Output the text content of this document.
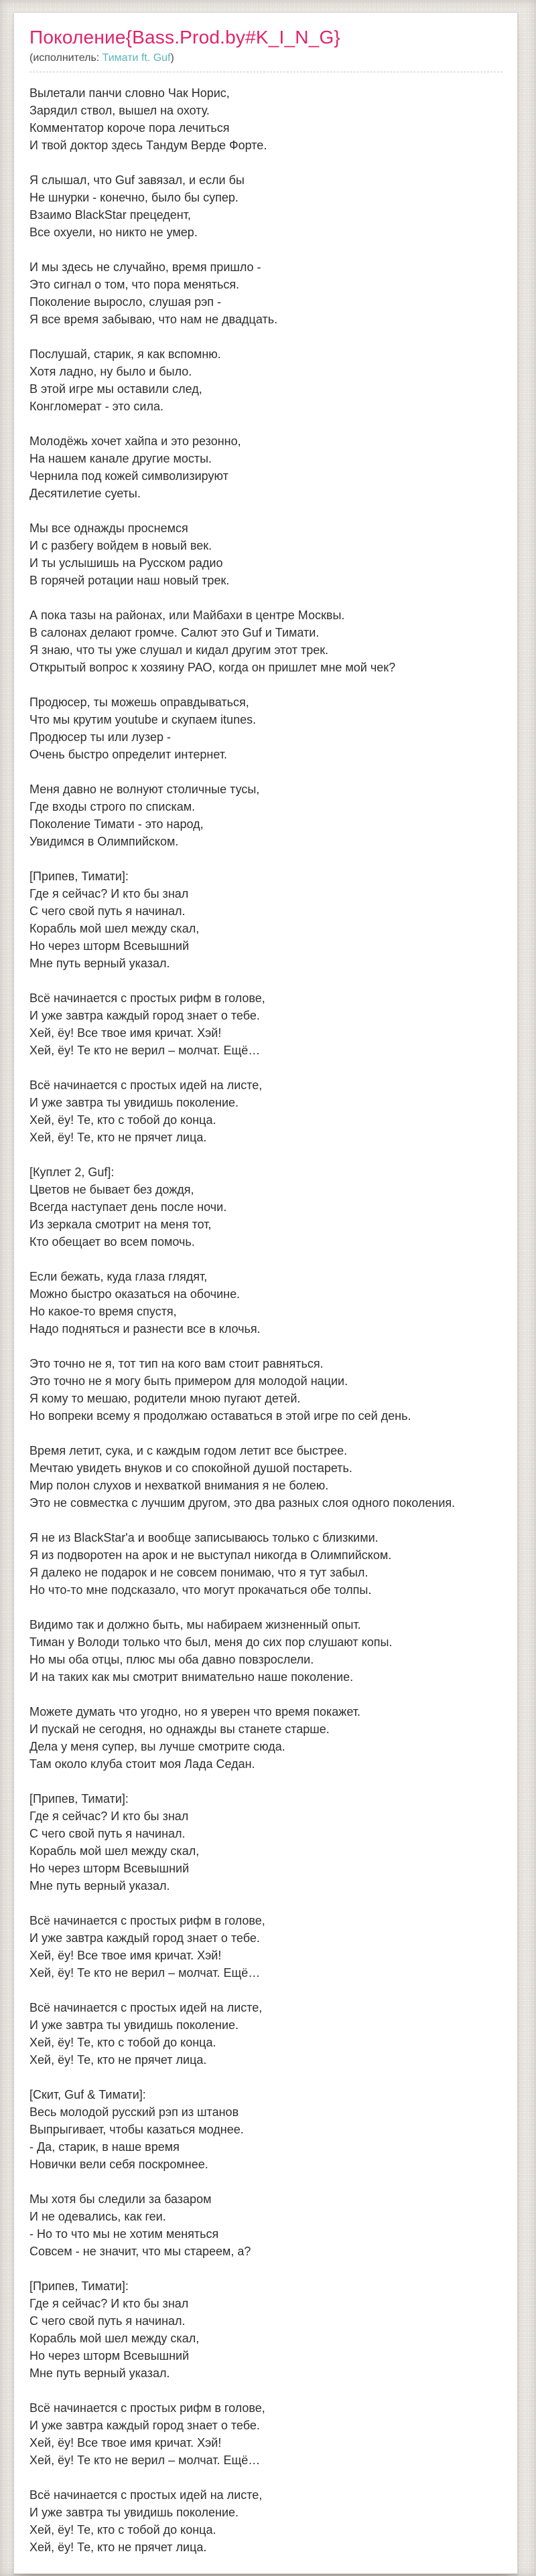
Поколение{Bass.Prod.by#K_I_N_G}
(исполнитель: Тимати ft. Guf)
Вылетали панчи словно Чак Норис,
Зарядил ствол, вышел на охоту.
Комментатор короче пора лечиться
И твой доктор здесь Тандум Верде Форте.
Я слышал, что Guf завязал, и если бы
Не шнурки - конечно, было бы супер.
Взаимо BlackStar прецедент,
Все охуели, но никто не умер.
И мы здесь не случайно, время пришло -
Это сигнал о том, что пора меняться.
Поколение выросло, слушая рэп -
Я все время забываю, что нам не двадцать.
Послушай, старик, я как вспомню.
Хотя ладно, ну было и было.
В этой игре мы оставили след,
Конгломерат - это сила.
Молодёжь хочет хайпа и это резонно,
На нашем канале другие мосты.
Чернила под кожей символизируют
Десятилетие суеты.
Мы все однажды проснемся
И с разбегу войдем в новый век.
И ты услышишь на Русском радио
В горячей ротации наш новый трек.
А пока тазы на районах, или Майбахи в центре Москвы.
В салонах делают громче. Салют это Guf и Тимати.
Я знаю, что ты уже слушал и кидал другим этот трек.
Открытый вопрос к хозяину РАО, когда он пришлет мне мой чек?
Продюсер, ты можешь оправдываться,
Что мы крутим youtube и скупаем itunes.
Продюсер ты или лузер -
Очень быстро определит интернет.
Меня давно не волнуют столичные тусы,
Где входы строго по спискам.
Поколение Тимати - это народ,
Увидимся в Олимпийском.
[Припев, Тимати]:
Где я сейчас? И кто бы знал
С чего свой путь я начинал.
Корабль мой шел между скал,
Но через шторм Всевышний
Мне путь верный указал.
Всё начинается с простых рифм в голове,
И уже завтра каждый город знает о тебе.
Хей, ёу! Все твое имя кричат. Хэй!
Хей, ёу! Те кто не верил – молчат. Ещё…
Всё начинается с простых идей на листе,
И уже завтра ты увидишь поколение.
Хей, ёу! Те, кто с тобой до конца.
Хей, ёу! Те, кто не прячет лица.
[Куплет 2, Guf]:
Цветов не бывает без дождя,
Всегда наступает день после ночи.
Из зеркала смотрит на меня тот,
Кто обещает во всем помочь.
Если бежать, куда глаза глядят,
Можно быстро оказаться на обочине.
Но какое-то время спустя,
Надо подняться и разнести все в клочья.
Это точно не я, тот тип на кого вам стоит равняться.
Это точно не я могу быть примером для молодой нации.
Я кому то мешаю, родители мною пугают детей.
Но вопреки всему я продолжаю оставаться в этой игре по сей день.
Время летит, сука, и с каждым годом летит все быстрее.
Мечтаю увидеть внуков и со спокойной душой постареть.
Мир полон слухов и нехваткой внимания я не болею.
Это не совместка с лучшим другом, это два разных слоя одного поколения.
Я не из BlackStar'а и вообще записываюсь только с близкими.
Я из подворотен на арок и не выступал никогда в Олимпийском.
Я далеко не подарок и не совсем понимаю, что я тут забыл.
Но что-то мне подсказало, что могут прокачаться обе толпы.
Видимо так и должно быть, мы набираем жизненный опыт.
Тиман у Володи только что был, меня до сих пор слушают копы.
Но мы оба отцы, плюс мы оба давно повзрослели.
И на таких как мы смотрит внимательно наше поколение.
Можете думать что угодно, но я уверен что время покажет.
И пускай не сегодня, но однажды вы станете старше.
Дела у меня супер, вы лучше смотрите сюда.
Там около клуба стоит моя Лада Седан.
[Припев, Тимати]:
Где я сейчас? И кто бы знал
С чего свой путь я начинал.
Корабль мой шел между скал,
Но через шторм Всевышний
Мне путь верный указал.
Всё начинается с простых рифм в голове,
И уже завтра каждый город знает о тебе.
Хей, ёу! Все твое имя кричат. Хэй!
Хей, ёу! Те кто не верил – молчат. Ещё…
Всё начинается с простых идей на листе,
И уже завтра ты увидишь поколение.
Хей, ёу! Те, кто с тобой до конца.
Хей, ёу! Те, кто не прячет лица.
[Скит, Guf & Тимати]:
Весь молодой русский рэп из штанов
Выпрыгивает, чтобы казаться моднее.
- Да, старик, в наше время
Новички вели себя поскромнее.
Мы хотя бы следили за базаром
И не одевались, как геи.
- Но то что мы не хотим меняться
Совсем - не значит, что мы стареем, а?
[Припев, Тимати]:
Где я сейчас? И кто бы знал
С чего свой путь я начинал.
Корабль мой шел между скал,
Но через шторм Всевышний
Мне путь верный указал.
Всё начинается с простых рифм в голове,
И уже завтра каждый город знает о тебе.
Хей, ёу! Все твое имя кричат. Хэй!
Хей, ёу! Те кто не верил – молчат. Ещё…
Всё начинается с простых идей на листе,
И уже завтра ты увидишь поколение.
Хей, ёу! Те, кто с тобой до конца.
Хей, ёу! Те, кто не прячет лица.
